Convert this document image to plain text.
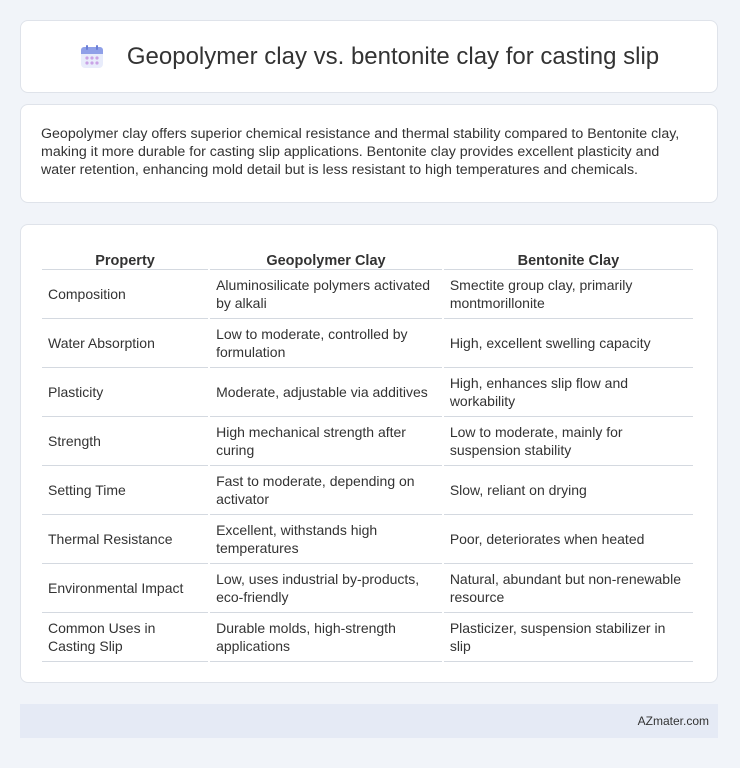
Geopolymer clay vs. bentonite clay for casting slip

Geopolymer clay offers superior chemical resistance and thermal stability compared to Bentonite clay, making it more durable for casting slip applications. Bentonite clay provides excellent plasticity and water retention, enhancing mold detail but is less resistant to high temperatures and chemicals.

Property	Geopolymer Clay	Bentonite Clay
Composition	Aluminosilicate polymers activated by alkali	Smectite group clay, primarily montmorillonite
Water Absorption	Low to moderate, controlled by formulation	High, excellent swelling capacity
Plasticity	Moderate, adjustable via additives	High, enhances slip flow and workability
Strength	High mechanical strength after curing	Low to moderate, mainly for suspension stability
Setting Time	Fast to moderate, depending on activator	Slow, reliant on drying
Thermal Resistance	Excellent, withstands high temperatures	Poor, deteriorates when heated
Environmental Impact	Low, uses industrial by-products, eco-friendly	Natural, abundant but non-renewable resource
Common Uses in Casting Slip	Durable molds, high-strength applications	Plasticizer, suspension stabilizer in slip
AZmater.com
